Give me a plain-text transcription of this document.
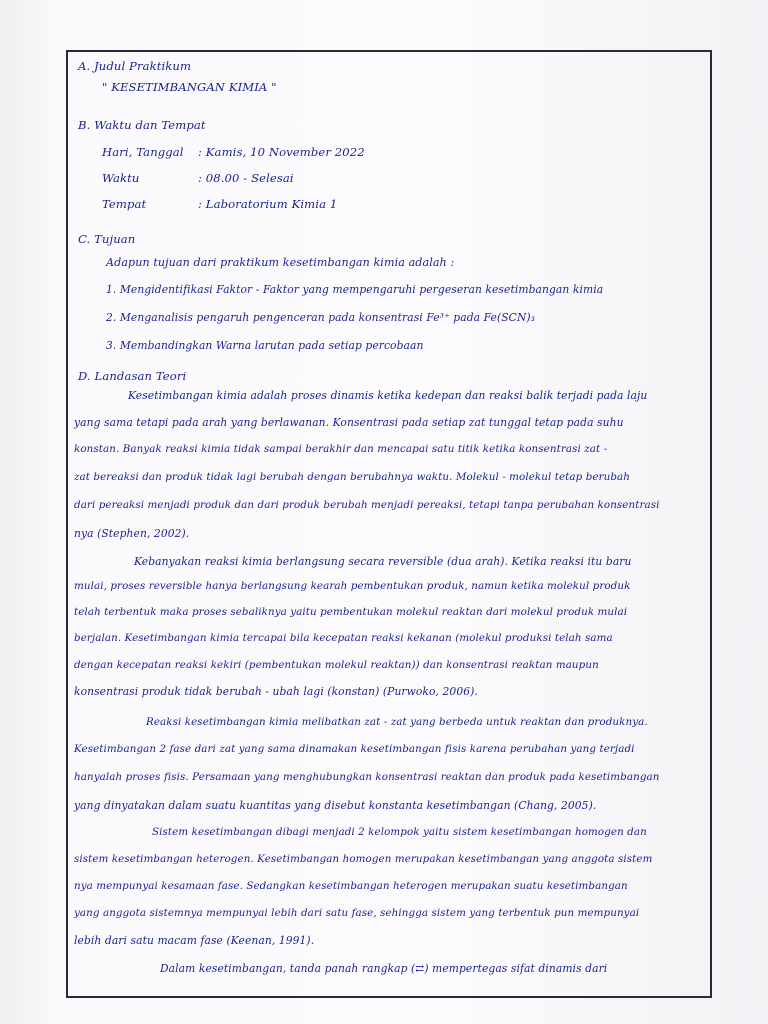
A. Judul Praktikum
" KESETIMBANGAN KIMIA "
B. Waktu dan Tempat
Hari, Tanggal : Kamis, 10 November 2022
Waktu	: 08.00 - Selesai
Tempat	: Laboratorium Kimia 1
C. Tujuan
Adapun tujuan dari praktikum kesetimbangan kimia adalah :
1. Mengidentifikasi Faktor - Faktor yang mempengaruhi pergeseran kesetimbangan kimia
2. Menganalisis pengaruh pengenceran pada konsentrasi Fe³⁺ pada Fe(SCN)₃
3. Membandingkan Warna larutan pada setiap percobaan
D. Landasan Teori
Kesetimbangan kimia adalah proses dinamis ketika kedepan dan reaksi balik terjadi pada laju
yang sama tetapi pada arah yang berlawanan. Konsentrasi pada setiap zat tunggal tetap pada suhu
konstan. Banyak reaksi kimia tidak sampai berakhir dan mencapai satu titik ketika konsentrasi zat -
zat bereaksi dan produk tidak lagi berubah dengan berubahnya waktu. Molekul - molekul tetap berubah
dari pereaksi menjadi produk dan dari produk berubah menjadi pereaksi, tetapi tanpa perubahan konsentrasi
nya (Stephen, 2002).
Kebanyakan reaksi kimia berlangsung secara reversible (dua arah). Ketika reaksi itu baru
mulai, proses reversible hanya berlangsung kearah pembentukan produk, namun ketika molekul produk
telah terbentuk maka proses sebaliknya yaitu pembentukan molekul reaktan dari molekul produk mulai
berjalan. Kesetimbangan kimia tercapai bila kecepatan reaksi kekanan (molekul produksi telah sama
dengan kecepatan reaksi kekiri (pembentukan molekul reaktan)) dan konsentrasi reaktan maupun
konsentrasi produk tidak berubah - ubah lagi (konstan) (Purwoko, 2006).
Reaksi kesetimbangan kimia melibatkan zat - zat yang berbeda untuk reaktan dan produknya.
Kesetimbangan 2 fase dari zat yang sama dinamakan kesetimbangan fisis karena perubahan yang terjadi
hanyalah proses fisis. Persamaan yang menghubungkan konsentrasi reaktan dan produk pada kesetimbangan
yang dinyatakan dalam suatu kuantitas yang disebut konstanta kesetimbangan (Chang, 2005).
Sistem kesetimbangan dibagi menjadi 2 kelompok yaitu sistem kesetimbangan homogen dan
sistem kesetimbangan heterogen. Kesetimbangan homogen merupakan kesetimbangan yang anggota sistem
nya mempunyai kesamaan fase. Sedangkan kesetimbangan heterogen merupakan suatu kesetimbangan
yang anggota sistemnya mempunyai lebih dari satu fase, sehingga sistem yang terbentuk pun mempunyai
lebih dari satu macam fase (Keenan, 1991).
Dalam kesetimbangan, tanda panah rangkap (⇄) mempertegas sifat dinamis dari
